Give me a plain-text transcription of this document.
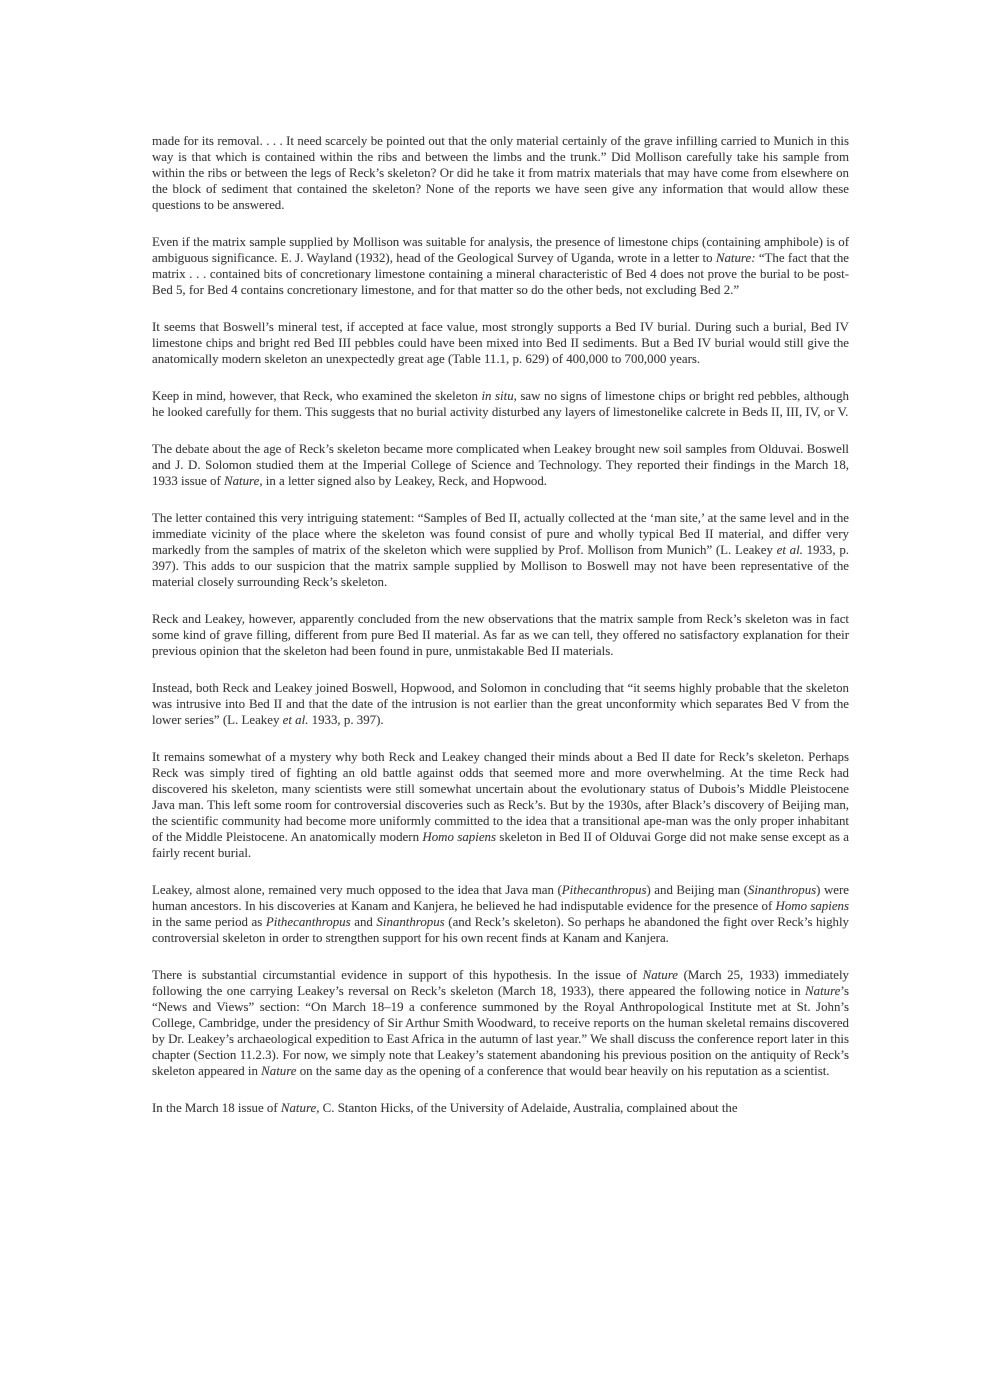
made for its removal. . . . It need scarcely be pointed out that the only material certainly of the grave infilling carried to Munich in this way is that which is contained within the ribs and between the limbs and the trunk.” Did Mollison carefully take his sample from within the ribs or between the legs of Reck’s skeleton? Or did he take it from matrix materials that may have come from elsewhere on the block of sediment that contained the skeleton? None of the reports we have seen give any information that would allow these questions to be answered.

Even if the matrix sample supplied by Mollison was suitable for analysis, the presence of limestone chips (containing amphibole) is of ambiguous significance. E. J. Wayland (1932), head of the Geological Survey of Uganda, wrote in a letter to Nature: “The fact that the matrix . . . contained bits of concretionary limestone containing a mineral characteristic of Bed 4 does not prove the burial to be post-Bed 5, for Bed 4 contains concretionary limestone, and for that matter so do the other beds, not excluding Bed 2.”

It seems that Boswell’s mineral test, if accepted at face value, most strongly supports a Bed IV burial. During such a burial, Bed IV limestone chips and bright red Bed III pebbles could have been mixed into Bed II sediments. But a Bed IV burial would still give the anatomically modern skeleton an unexpectedly great age (Table 11.1, p. 629) of 400,000 to 700,000 years.

Keep in mind, however, that Reck, who examined the skeleton in situ, saw no signs of limestone chips or bright red pebbles, although he looked carefully for them. This suggests that no burial activity disturbed any layers of limestonelike calcrete in Beds II, III, IV, or V.

The debate about the age of Reck’s skeleton became more complicated when Leakey brought new soil samples from Olduvai. Boswell and J. D. Solomon studied them at the Imperial College of Science and Technology. They reported their findings in the March 18, 1933 issue of Nature, in a letter signed also by Leakey, Reck, and Hopwood.

The letter contained this very intriguing statement: “Samples of Bed II, actually collected at the ‘man site,’ at the same level and in the immediate vicinity of the place where the skeleton was found consist of pure and wholly typical Bed II material, and differ very markedly from the samples of matrix of the skeleton which were supplied by Prof. Mollison from Munich” (L. Leakey et al. 1933, p. 397). This adds to our suspicion that the matrix sample supplied by Mollison to Boswell may not have been representative of the material closely surrounding Reck’s skeleton.

Reck and Leakey, however, apparently concluded from the new observations that the matrix sample from Reck’s skeleton was in fact some kind of grave filling, different from pure Bed II material. As far as we can tell, they offered no satisfactory explanation for their previous opinion that the skeleton had been found in pure, unmistakable Bed II materials.

Instead, both Reck and Leakey joined Boswell, Hopwood, and Solomon in concluding that “it seems highly probable that the skeleton was intrusive into Bed II and that the date of the intrusion is not earlier than the great unconformity which separates Bed V from the lower series” (L. Leakey et al. 1933, p. 397).

It remains somewhat of a mystery why both Reck and Leakey changed their minds about a Bed II date for Reck’s skeleton. Perhaps Reck was simply tired of fighting an old battle against odds that seemed more and more overwhelming. At the time Reck had discovered his skeleton, many scientists were still somewhat uncertain about the evolutionary status of Dubois’s Middle Pleistocene Java man. This left some room for controversial discoveries such as Reck’s. But by the 1930s, after Black’s discovery of Beijing man, the scientific community had become more uniformly committed to the idea that a transitional ape-man was the only proper inhabitant of the Middle Pleistocene. An anatomically modern Homo sapiens skeleton in Bed II of Olduvai Gorge did not make sense except as a fairly recent burial.

Leakey, almost alone, remained very much opposed to the idea that Java man (Pithecanthropus) and Beijing man (Sinanthropus) were human ancestors. In his discoveries at Kanam and Kanjera, he believed he had indisputable evidence for the presence of Homo sapiens in the same period as Pithecanthropus and Sinanthropus (and Reck’s skeleton). So perhaps he abandoned the fight over Reck’s highly controversial skeleton in order to strengthen support for his own recent finds at Kanam and Kanjera.

There is substantial circumstantial evidence in support of this hypothesis. In the issue of Nature (March 25, 1933) immediately following the one carrying Leakey’s reversal on Reck’s skeleton (March 18, 1933), there appeared the following notice in Nature’s “News and Views” section: “On March 18–19 a conference summoned by the Royal Anthropological Institute met at St. John’s College, Cambridge, under the presidency of Sir Arthur Smith Woodward, to receive reports on the human skeletal remains discovered by Dr. Leakey’s archaeological expedition to East Africa in the autumn of last year.” We shall discuss the conference report later in this chapter (Section 11.2.3). For now, we simply note that Leakey’s statement abandoning his previous position on the antiquity of Reck’s skeleton appeared in Nature on the same day as the opening of a conference that would bear heavily on his reputation as a scientist.

In the March 18 issue of Nature, C. Stanton Hicks, of the University of Adelaide, Australia, complained about the
